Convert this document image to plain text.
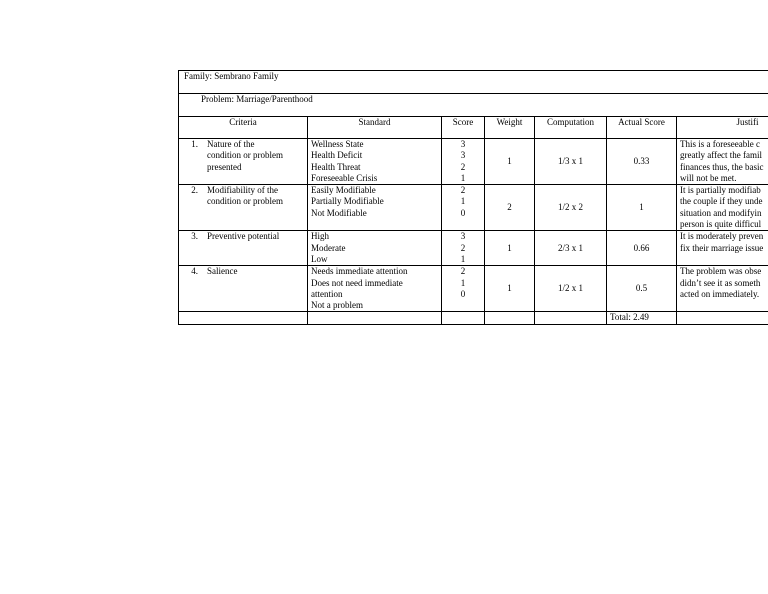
Family: Sembrano Family						

Problem: Marriage/Parenthood						

Criteria	Standard	Score	Weight	Computation	Actual Score	Justifi
1. Nature of the
condition or problem
presented	Wellness State
Health Deficit
Health Threat
Foreseeable Crisis	3
3
2
1	1	1/3 x 1	0.33	This is a foreseeable c
greatly affect the famil
finances thus, the basic
will not be met.

2. Modifiability of the
condition or problem	Easily Modifiable
Partially Modifiable
Not Modifiable	2
1
0	2	1/2 x 2	1	It is partially modifiab
the couple if they unde
situation and modifyin
person is quite difficul

3. Preventive potential	High
Moderate
Low	3
2
1	1	2/3 x 1	0.66	It is moderately preven
fix their marriage issue

4. Salience	Needs immediate attention
Does not need immediate
attention
Not a problem	2
1
0	1	1/2 x 1	0.5	The problem was obse
didn’t see it as someth
acted on immediately.

					Total: 2.49	
